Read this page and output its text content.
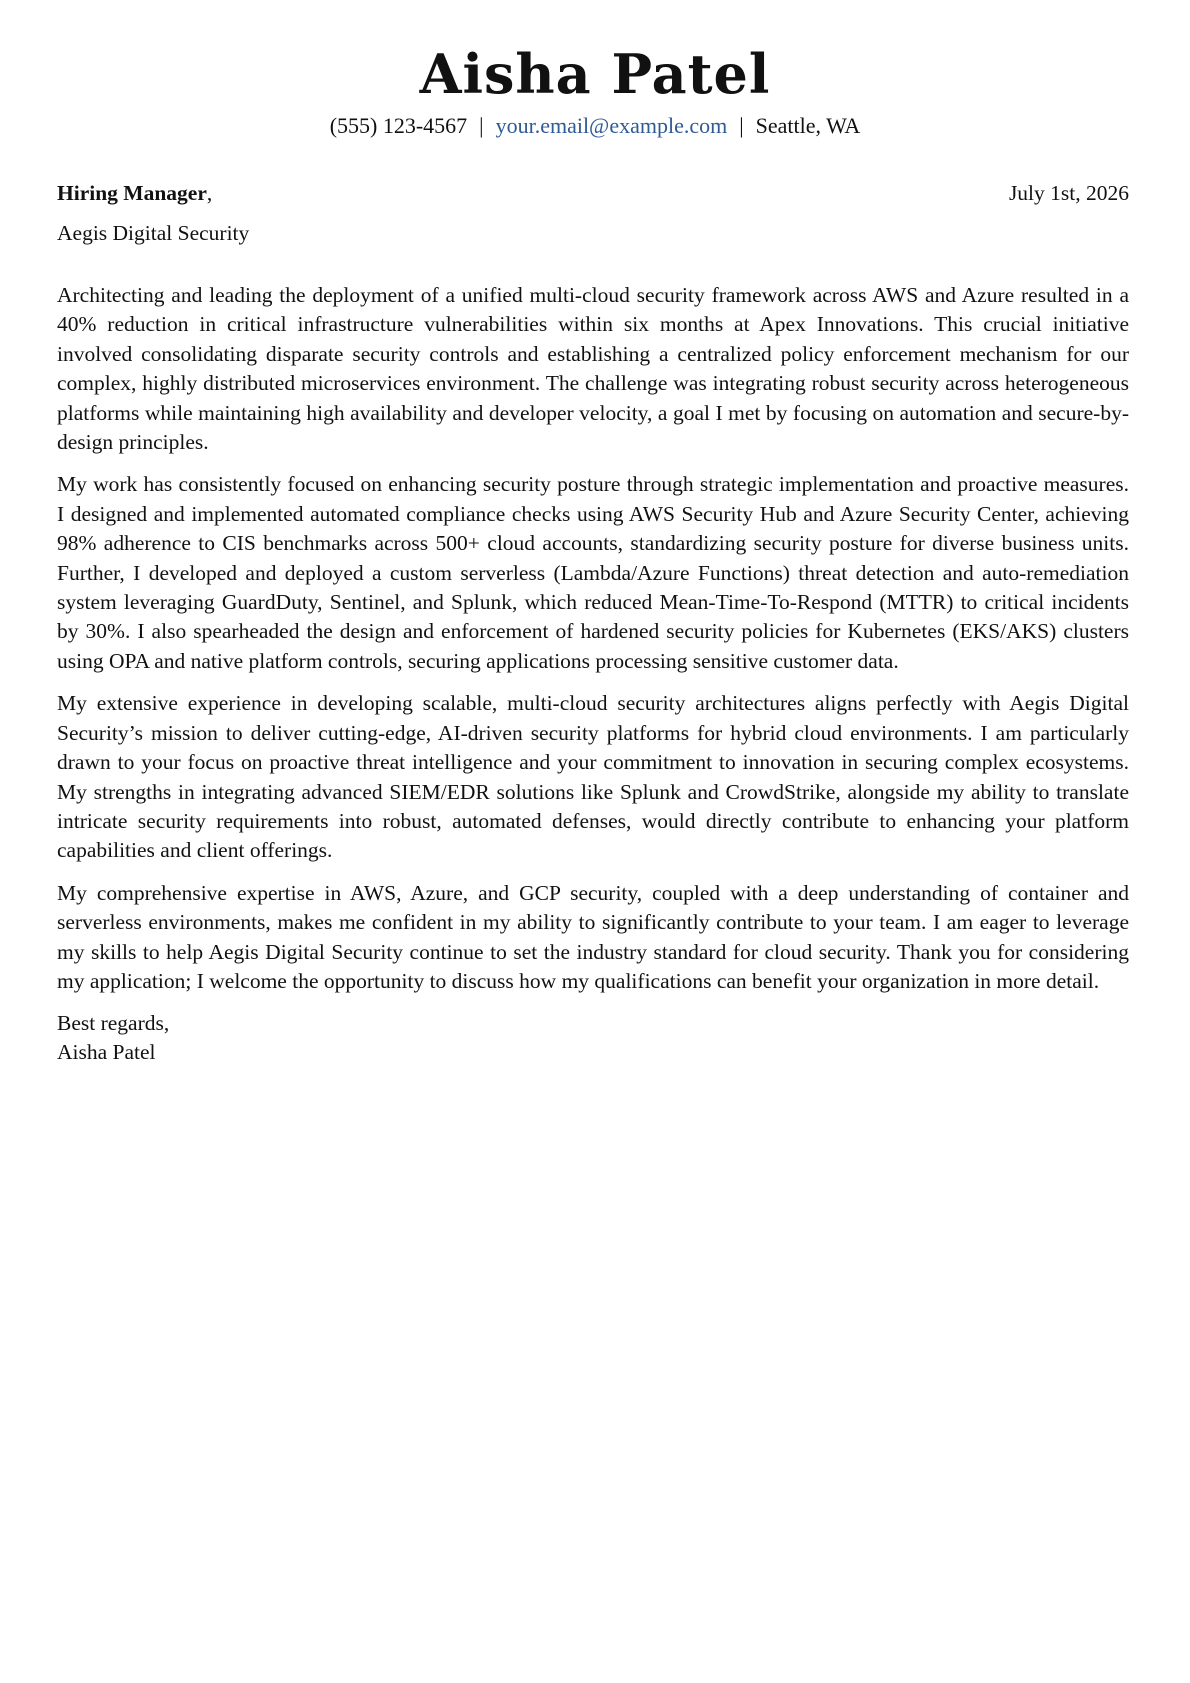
Aisha Patel
(555) 123-4567 | your.email@example.com | Seattle, WA
Hiring Manager,	July 1st, 2026
Aegis Digital Security

Architecting and leading the deployment of a unified multi-cloud security framework across AWS and Azure resulted in a 40% reduction in critical infrastructure vulnerabilities within six months at Apex Innovations. This crucial initiative involved consolidating disparate security controls and establishing a centralized policy enforcement mechanism for our complex, highly distributed microservices environment. The challenge was integrating robust security across heterogeneous platforms while maintaining high availability and developer velocity, a goal I met by focusing on automation and secure-by-design principles.

My work has consistently focused on enhancing security posture through strategic implementation and proactive measures. I designed and implemented automated compliance checks using AWS Security Hub and Azure Security Center, achieving 98% adherence to CIS benchmarks across 500+ cloud accounts, standardizing security posture for diverse business units. Further, I developed and deployed a custom serverless (Lambda/Azure Functions) threat detection and auto-remediation system leveraging GuardDuty, Sentinel, and Splunk, which reduced Mean-Time-To-Respond (MTTR) to critical incidents by 30%. I also spearheaded the design and enforcement of hardened security policies for Kubernetes (EKS/AKS) clusters using OPA and native platform controls, securing applications processing sensitive customer data.

My extensive experience in developing scalable, multi-cloud security architectures aligns perfectly with Aegis Digital Security’s mission to deliver cutting-edge, AI-driven security platforms for hybrid cloud environments. I am particularly drawn to your focus on proactive threat intelligence and your commitment to innovation in securing complex ecosystems. My strengths in integrating advanced SIEM/EDR solutions like Splunk and CrowdStrike, alongside my ability to translate intricate security requirements into robust, automated defenses, would directly contribute to enhancing your platform capabilities and client offerings.

My comprehensive expertise in AWS, Azure, and GCP security, coupled with a deep understanding of container and serverless environments, makes me confident in my ability to significantly contribute to your team. I am eager to leverage my skills to help Aegis Digital Security continue to set the industry standard for cloud security. Thank you for considering my application; I welcome the opportunity to discuss how my qualifications can benefit your organization in more detail.

Best regards,
Aisha Patel
